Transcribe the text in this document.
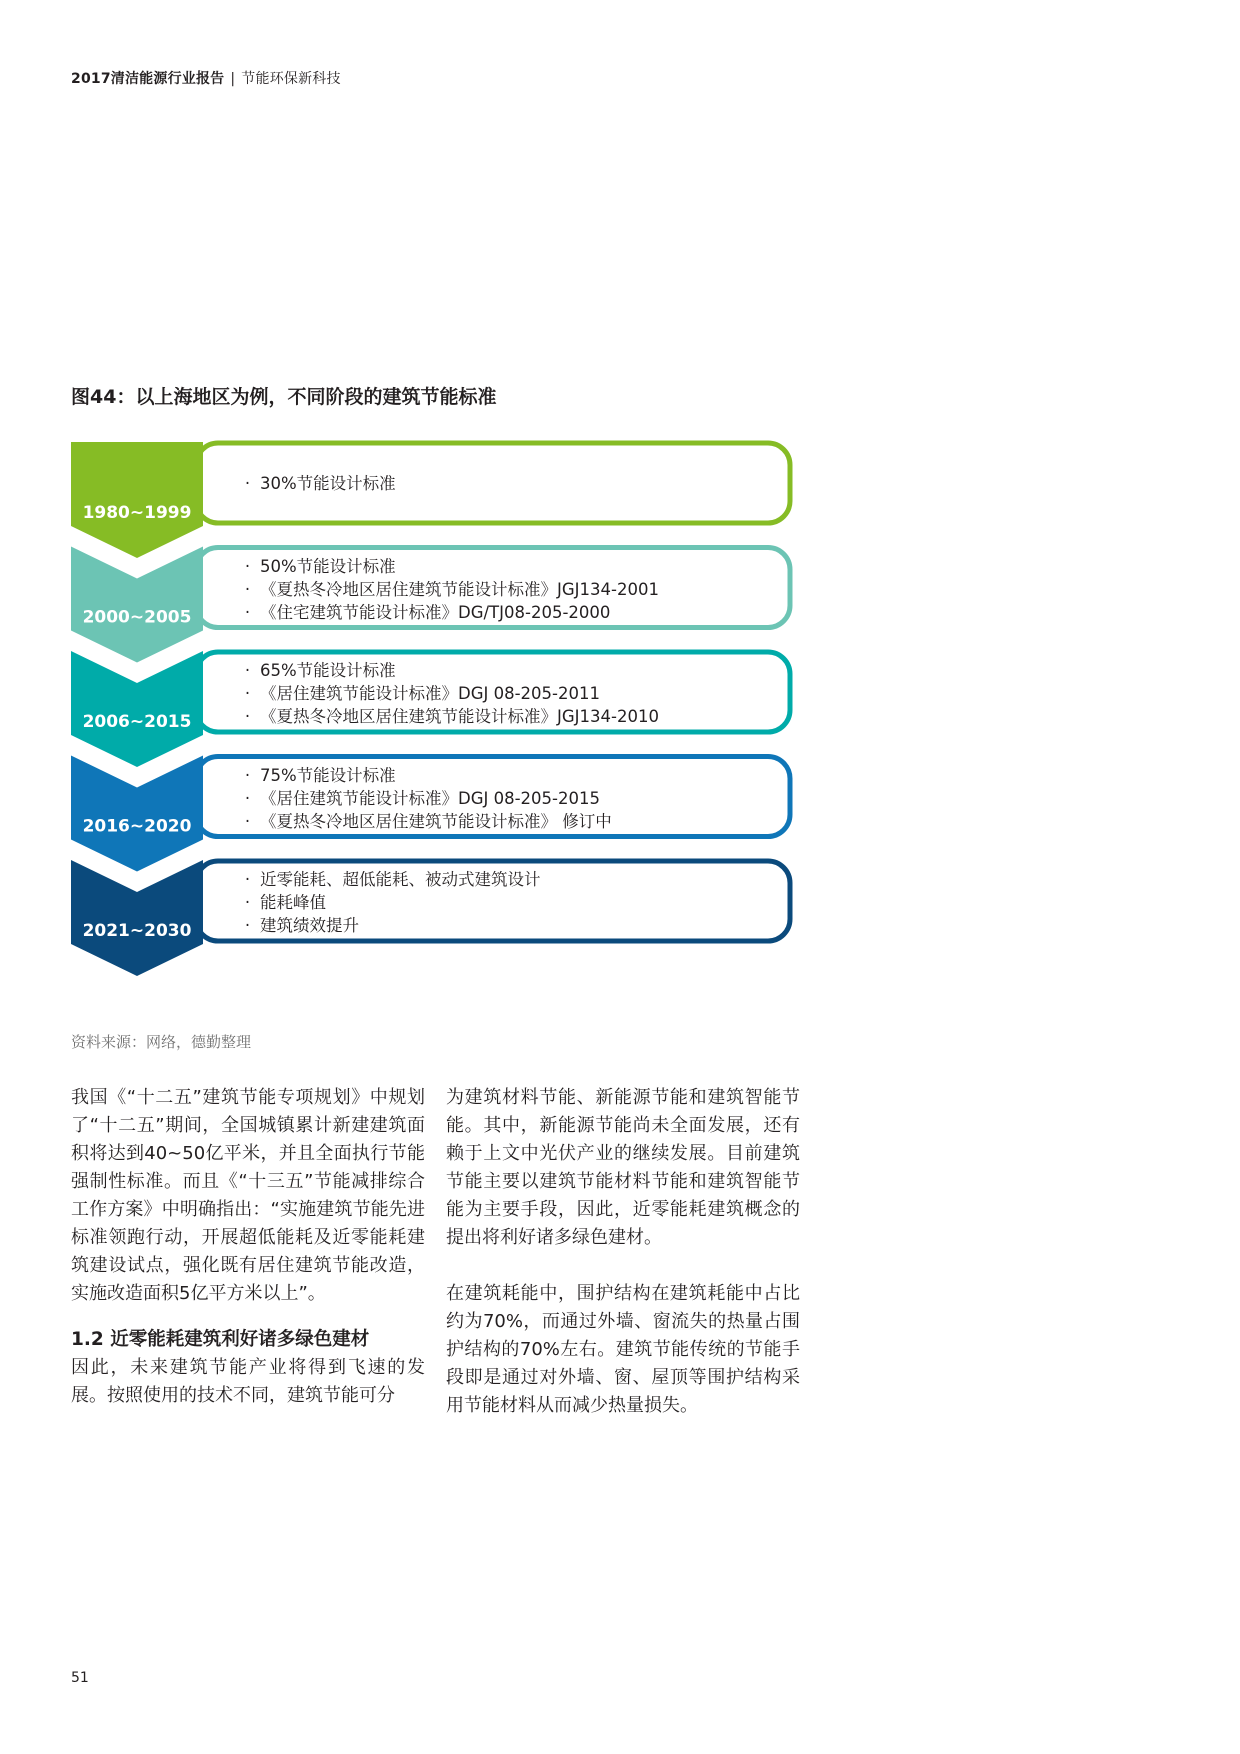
2017清洁能源行业报告 | 节能环保新科技
图44：以上海地区为例，不同阶段的建筑节能标准
1980~1999
2000~2005
2006~2015
2016~2020
2021~2030
· 30%节能设计标准
· 50%节能设计标准
· 《夏热冬冷地区居住建筑节能设计标准》JGJ134-2001
· 《住宅建筑节能设计标准》DG/TJ08-205-2000
· 65%节能设计标准
· 《居住建筑节能设计标准》DGJ 08-205-2011
· 《夏热冬冷地区居住建筑节能设计标准》JGJ134-2010
· 75%节能设计标准
· 《居住建筑节能设计标准》DGJ 08-205-2015
· 《夏热冬冷地区居住建筑节能设计标准》 修订中
· 近零能耗、超低能耗、被动式建筑设计
· 能耗峰值
· 建筑绩效提升
资料来源：网络，德勤整理

我国《“十二五”建筑节能专项规划》中规划了“十二五”期间，全国城镇累计新建建筑面积将达到40~50亿平米，并且全面执行节能强制性标准。而且《“十三五”节能减排综合工作方案》中明确指出：“实施建筑节能先进标准领跑行动，开展超低能耗及近零能耗建筑建设试点，强化既有居住建筑节能改造，实施改造面积5亿平方米以上”。

1.2 近零能耗建筑利好诸多绿色建材

因此，未来建筑节能产业将得到飞速的发展。按照使用的技术不同，建筑节能可分

为建筑材料节能、新能源节能和建筑智能节能。其中，新能源节能尚未全面发展，还有赖于上文中光伏产业的继续发展。目前建筑节能主要以建筑节能材料节能和建筑智能节能为主要手段，因此，近零能耗建筑概念的提出将利好诸多绿色建材。

在建筑耗能中，围护结构在建筑耗能中占比约为70%，而通过外墙、窗流失的热量占围护结构的70%左右。建筑节能传统的节能手段即是通过对外墙、窗、屋顶等围护结构采用节能材料从而减少热量损失。

51
